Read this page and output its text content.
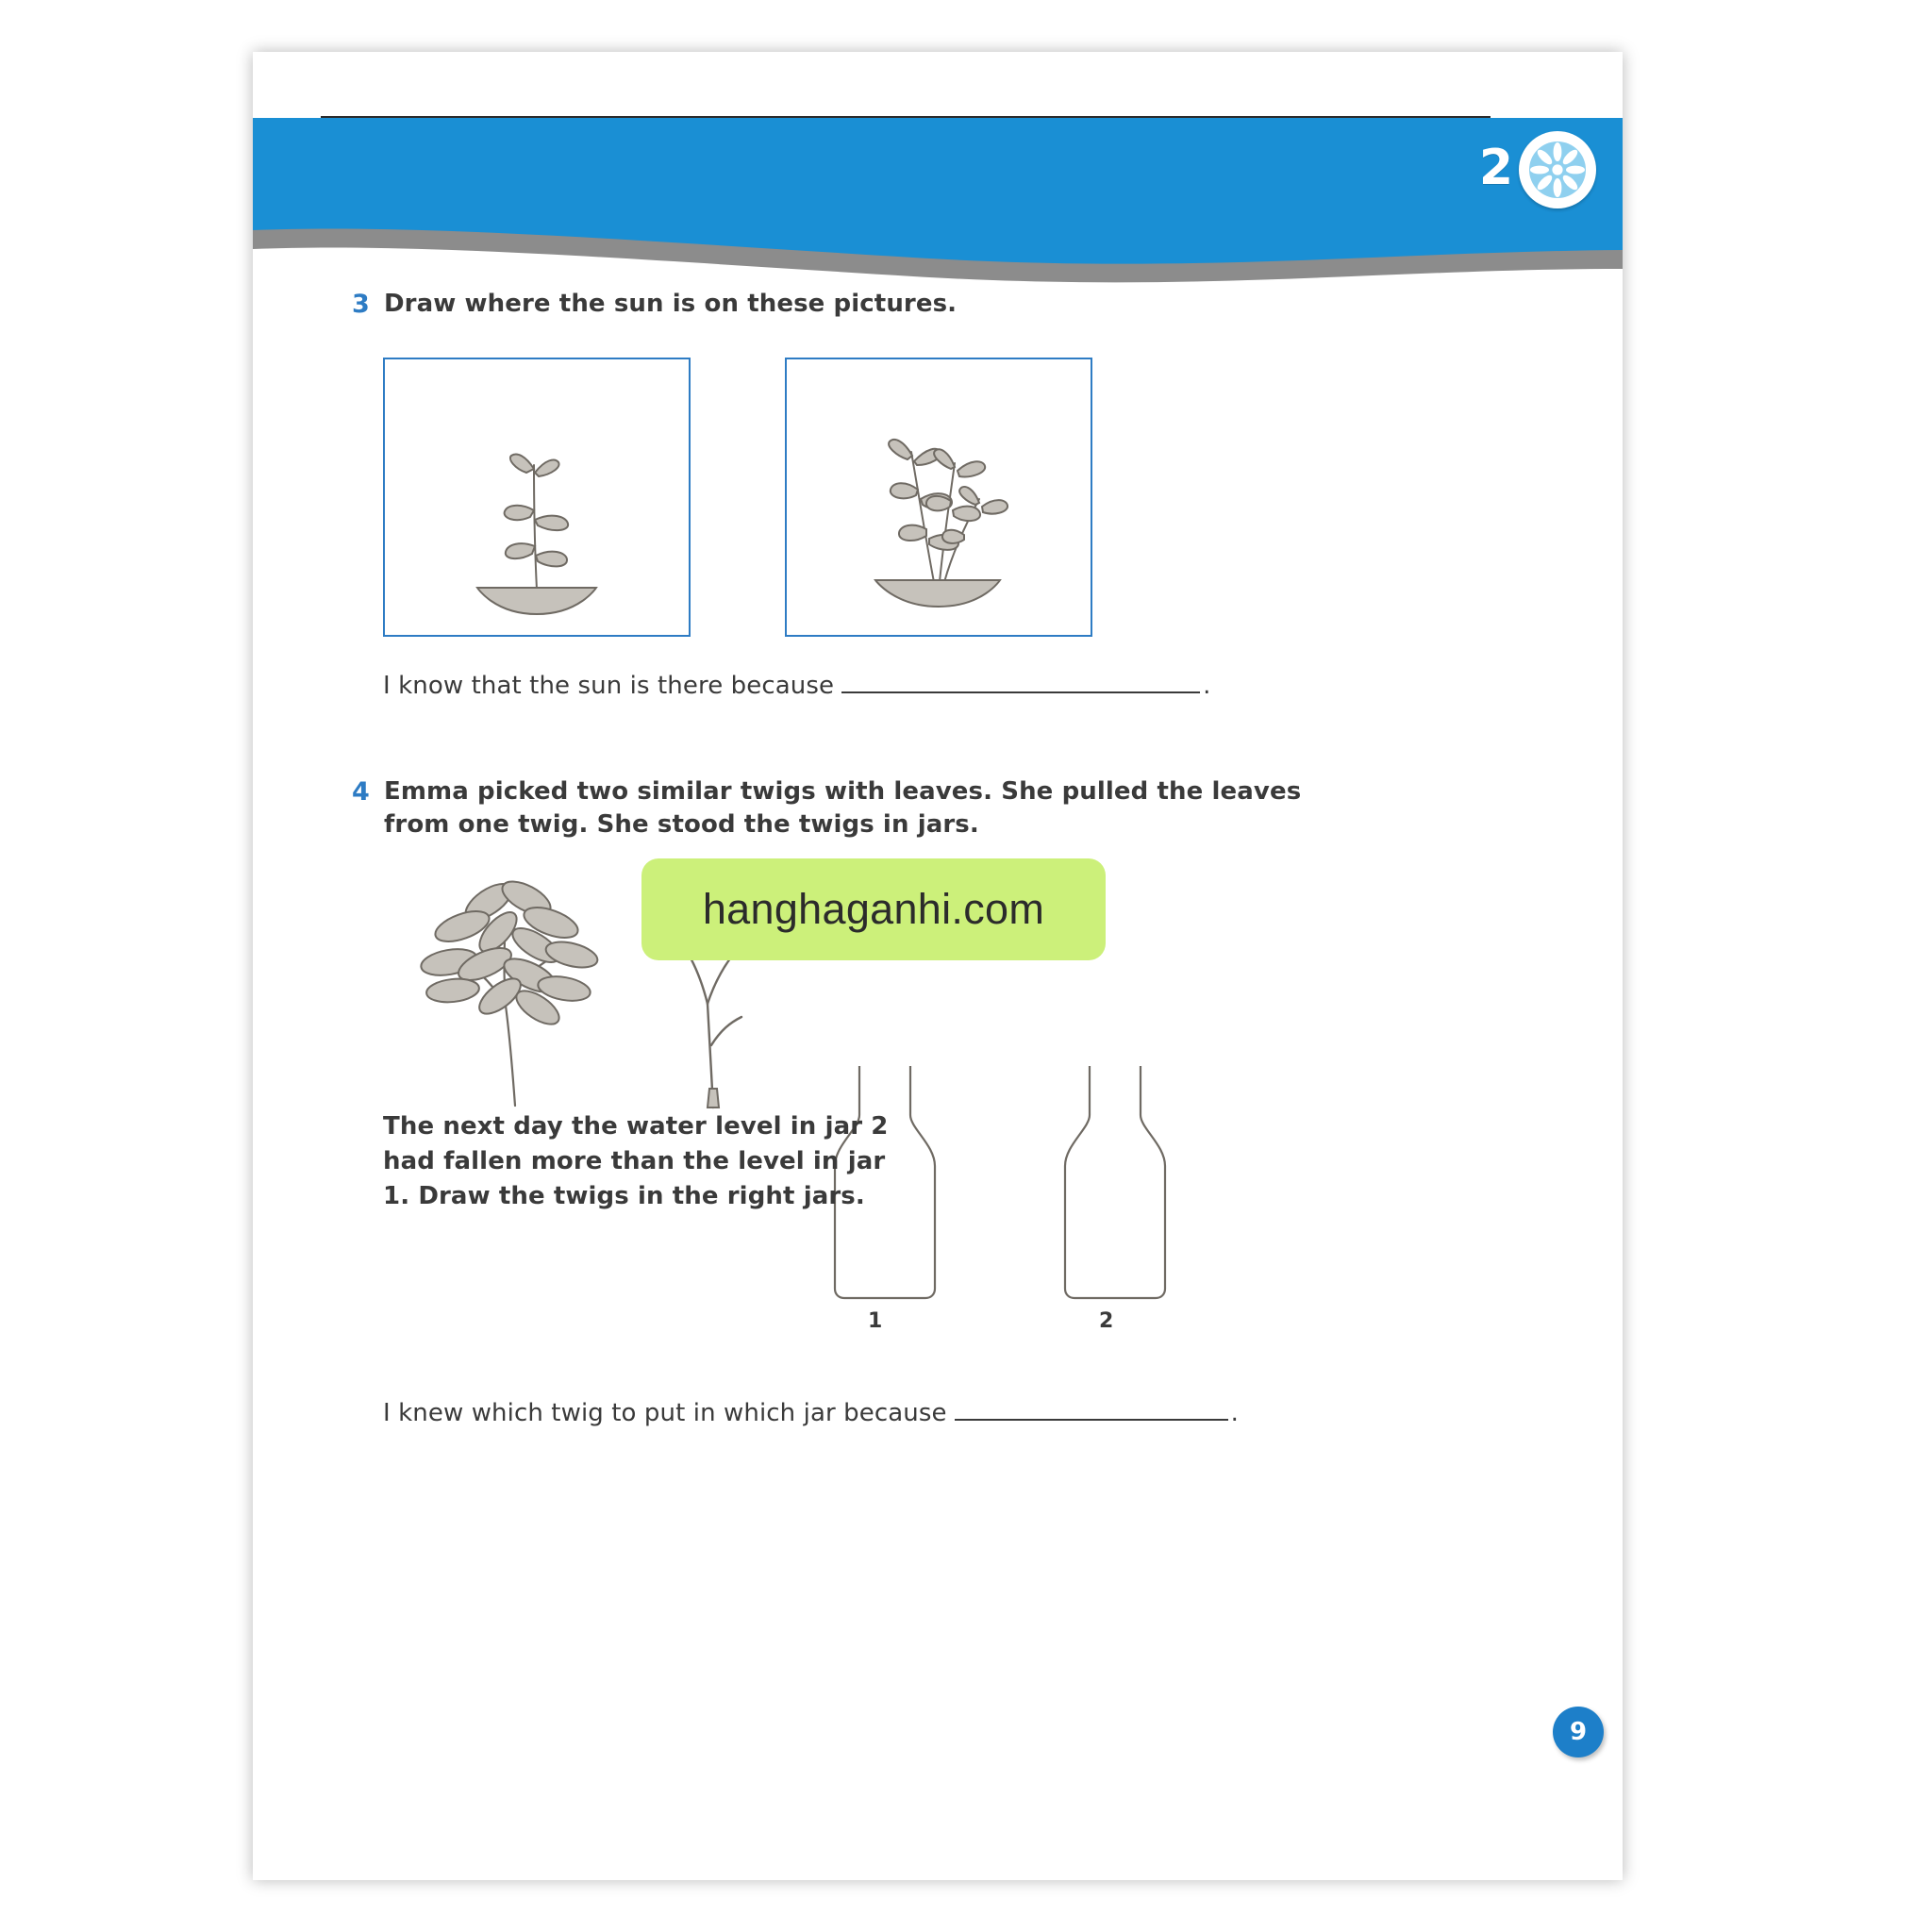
2
3 Draw where the sun is on these pictures.
I know that the sun is there because	.
4 Emma picked two similar twigs with leaves. She pulled the leaves from one twig. She stood the twigs in jars.
1	2
The next day the water level in jar 2 had fallen more than the level in jar 1. Draw the twigs in the right jars.
I knew which twig to put in which jar because	.
hanghaganhi.com
9
